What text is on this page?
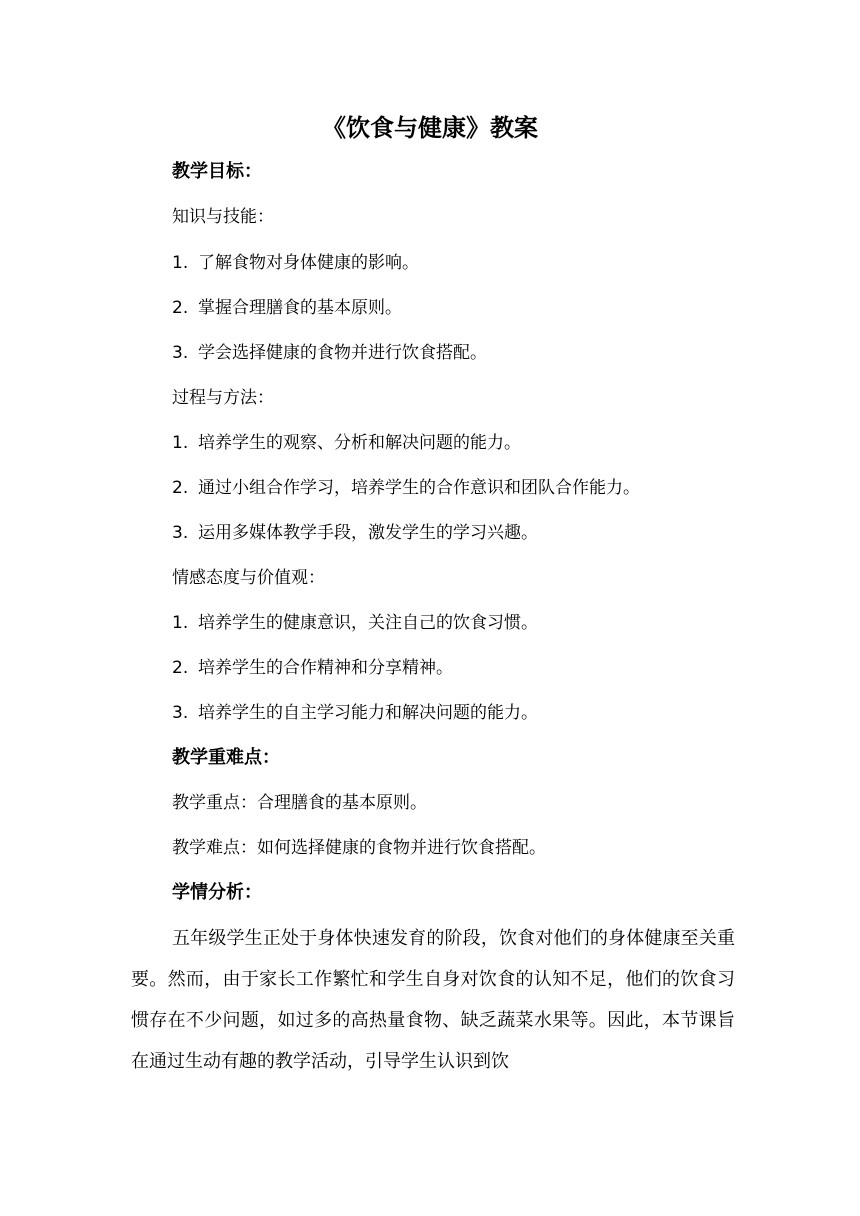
《饮食与健康》教案
教学目标：
知识与技能：
1. 了解食物对身体健康的影响。
2. 掌握合理膳食的基本原则。
3. 学会选择健康的食物并进行饮食搭配。
过程与方法：
1. 培养学生的观察、分析和解决问题的能力。
2. 通过小组合作学习，培养学生的合作意识和团队合作能力。
3. 运用多媒体教学手段，激发学生的学习兴趣。
情感态度与价值观：
1. 培养学生的健康意识，关注自己的饮食习惯。
2. 培养学生的合作精神和分享精神。
3. 培养学生的自主学习能力和解决问题的能力。
教学重难点：
教学重点：合理膳食的基本原则。
教学难点：如何选择健康的食物并进行饮食搭配。
学情分析：
五年级学生正处于身体快速发育的阶段，饮食对他们的身体健康至关重要。然而，由于家长工作繁忙和学生自身对饮食的认知不足，他们的饮食习惯存在不少问题，如过多的高热量食物、缺乏蔬菜水果等。因此，本节课旨在通过生动有趣的教学活动，引导学生认识到饮
